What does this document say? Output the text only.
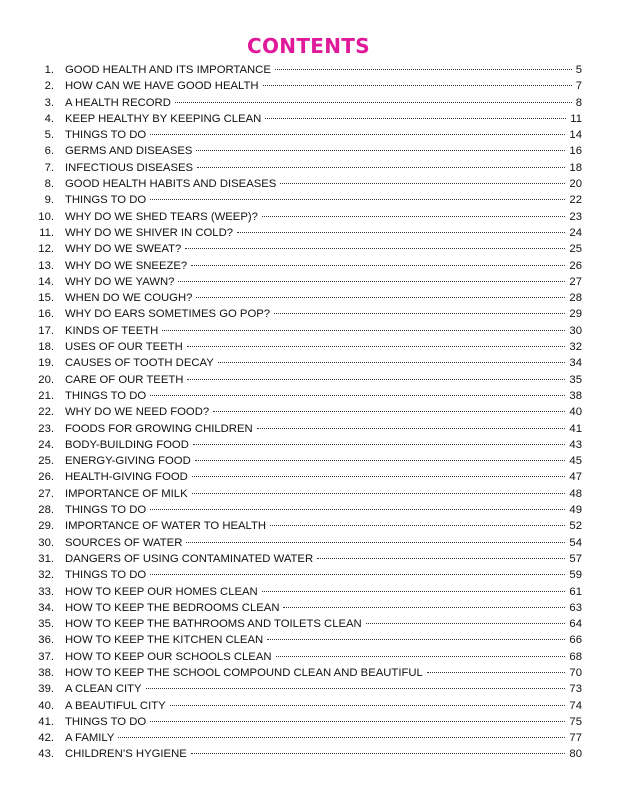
CONTENTS
1. GOOD HEALTH AND ITS IMPORTANCE	5
2. HOW CAN WE HAVE GOOD HEALTH	7
3. A HEALTH RECORD	8
4. KEEP HEALTHY BY KEEPING CLEAN	11
5. THINGS TO DO	14
6. GERMS AND DISEASES	16
7. INFECTIOUS DISEASES	18
8. GOOD HEALTH HABITS AND DISEASES	20
9. THINGS TO DO	22
10. WHY DO WE SHED TEARS (WEEP)?	23
11. WHY DO WE SHIVER IN COLD?	24
12. WHY DO WE SWEAT?	25
13. WHY DO WE SNEEZE?	26
14. WHY DO WE YAWN?	27
15. WHEN DO WE COUGH?	28
16. WHY DO EARS SOMETIMES GO POP?	29
17. KINDS OF TEETH	30
18. USES OF OUR TEETH	32
19. CAUSES OF TOOTH DECAY	34
20. CARE OF OUR TEETH	35
21. THINGS TO DO	38
22. WHY DO WE NEED FOOD?	40
23. FOODS FOR GROWING CHILDREN	41
24. BODY-BUILDING FOOD	43
25. ENERGY-GIVING FOOD	45
26. HEALTH-GIVING FOOD	47
27. IMPORTANCE OF MILK	48
28. THINGS TO DO	49
29. IMPORTANCE OF WATER TO HEALTH	52
30. SOURCES OF WATER	54
31. DANGERS OF USING CONTAMINATED WATER	57
32. THINGS TO DO	59
33. HOW TO KEEP OUR HOMES CLEAN	61
34. HOW TO KEEP THE BEDROOMS CLEAN	63
35. HOW TO KEEP THE BATHROOMS AND TOILETS CLEAN	64
36. HOW TO KEEP THE KITCHEN CLEAN	66
37. HOW TO KEEP OUR SCHOOLS CLEAN	68
38. HOW TO KEEP THE SCHOOL COMPOUND CLEAN AND BEAUTIFUL	70
39. A CLEAN CITY	73
40. A BEAUTIFUL CITY	74
41. THINGS TO DO	75
42. A FAMILY	77
43. CHILDREN’S HYGIENE	80
